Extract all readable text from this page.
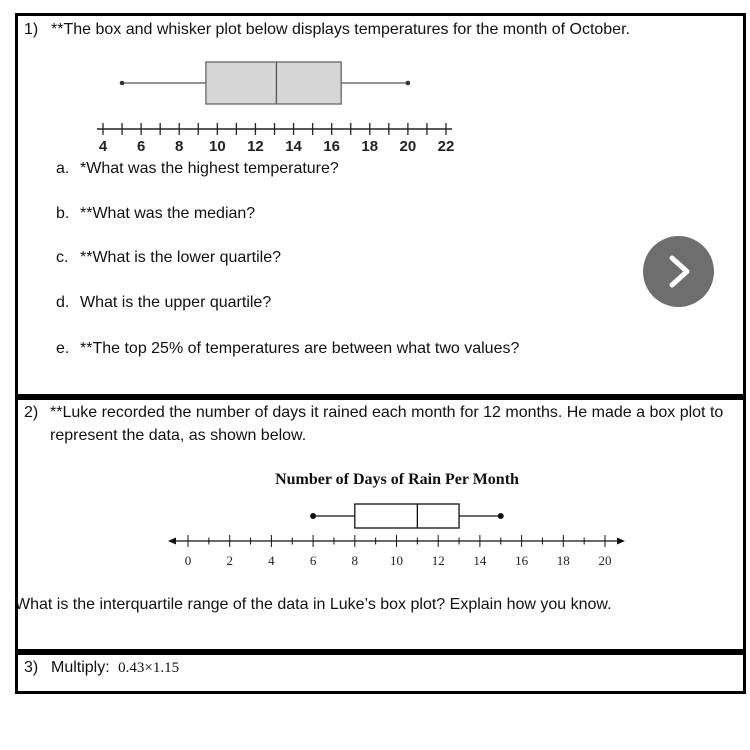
1) **The box and whisker plot below displays temperatures for the month of October.
4 6 8 10 12 14 16 18 20 22
a. *What was the highest temperature?
b. **What was the median?
c. **What is the lower quartile?
d. What is the upper quartile?
e. **The top 25% of temperatures are between what two values?
2) **Luke recorded the number of days it rained each month for 12 months. He made a box plot to represent the data, as shown below.
Number of Days of Rain Per Month
0	2	4	6	8 10 12 14 16 18 20
What is the interquartile range of the data in Luke’s box plot? Explain how you know.
3) Multiply: 0.43×1.15
